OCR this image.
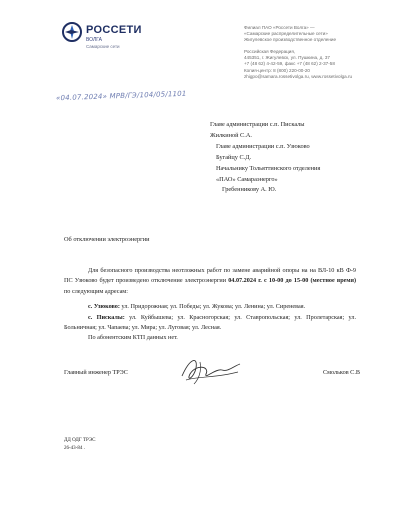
РОССЕТИ
ВОЛГА
Самарские сети
Филиал ПАО «Россети Волга» —
«Самарские распределительные сети»
Жигулевское производственное отделение
Российская Федерация,
445351, г. Жигулевск, ул. Пушкина, д. 37
+7 (48 62) 4-42-59, факс +7 (48 62) 2-37-58
Копия-центр: 8 (800) 220-00-20
zhigpo@samara.rossetivolga.ru, www.rossetivolga.ru
«04.07.2024» МРВ/ГЭ/104/05/1101
Главе администрации с.п. Пискалы
Жилкиной С.А.
Главе администрации с.п. Узюково
Бугайцу С.Д.
Начальнику Тольяттинского отделения
«ПАО» Самараэнерго»
Гребенникову А. Ю.
Об отключении электроэнергии

Для безопасного производства неотложных работ по замене аварийной опоры на на ВЛ-10 кВ Ф-9 ПС Узюково будет произведено отключение электроэнергии 04.07.2024 г. с 10-00 до 15-00 (местное время) по следующим адресам:

с. Узюково: ул. Придорожная; ул. Победы; ул. Жукова; ул. Ленина; ул. Сиреневая.

с. Пискалы: ул. Куйбышева; ул. Красногорская; ул. Ставропольская; ул. Пролетарская; ул. Больничная; ул. Чапаева; ул. Мира; ул. Луговая; ул. Лесная.

По абонентским КТП данных нет.

Главный инженер ТРЭС	Смольков С.В
ДД ОДГ ТРЭС
26-43-84 .
